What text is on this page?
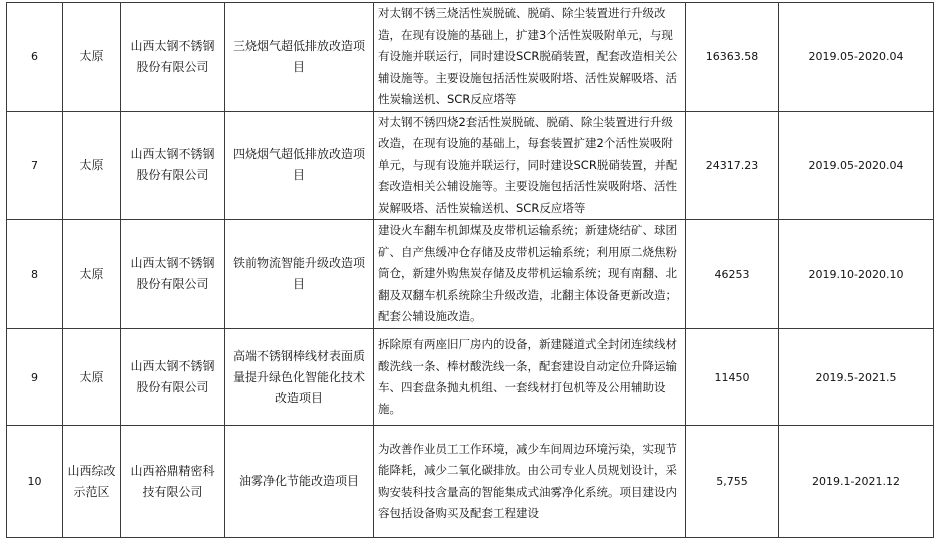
6	太原	山西太钢不锈钢股份有限公司	三烧烟气超低排放改造项目	对太钢不锈三烧活性炭脱硫、脱硝、除尘装置进行升级改造，在现有设施的基础上，扩建3个活性炭吸附单元，与现有设施并联运行，同时建设SCR脱硝装置，配套改造相关公辅设施等。主要设施包括活性炭吸附塔、活性炭解吸塔、活性炭输送机、SCR反应塔等	16363.58	2019.05-2020.04
7	太原	山西太钢不锈钢股份有限公司	四烧烟气超低排放改造项目	对太钢不锈四烧2套活性炭脱硫、脱硝、除尘装置进行升级改造，在现有设施的基础上，每套装置扩建2个活性炭吸附单元，与现有设施并联运行，同时建设SCR脱硝装置，并配套改造相关公辅设施等。主要设施包括活性炭吸附塔、活性炭解吸塔、活性炭输送机、SCR反应塔等	24317.23	2019.05-2020.04
8	太原	山西太钢不锈钢股份有限公司	铁前物流智能升级改造项目	建设火车翻车机卸煤及皮带机运输系统；新建烧结矿、球团矿、自产焦缓冲仓存储及皮带机运输系统；利用原二烧焦粉筒仓，新建外购焦炭存储及皮带机运输系统；现有南翻、北翻及双翻车机系统除尘升级改造，北翻主体设备更新改造；配套公辅设施改造。	46253	2019.10-2020.10
9	太原	山西太钢不锈钢股份有限公司	高端不锈钢棒线材表面质量提升绿色化智能化技术改造项目	拆除原有两座旧厂房内的设备，新建隧道式全封闭连续线材酸洗线一条、棒材酸洗线一条，配套建设自动定位升降运输车、四套盘条抛丸机组、一套线材打包机等及公用辅助设施。	11450	2019.5-2021.5
10	山西综改示范区	山西裕鼎精密科技有限公司	油雾净化节能改造项目	为改善作业员工工作环境，减少车间周边环境污染，实现节能降耗，减少二氧化碳排放。由公司专业人员规划设计，采购安装科技含量高的智能集成式油雾净化系统。项目建设内容包括设备购买及配套工程建设	5,755	2019.1-2021.12
